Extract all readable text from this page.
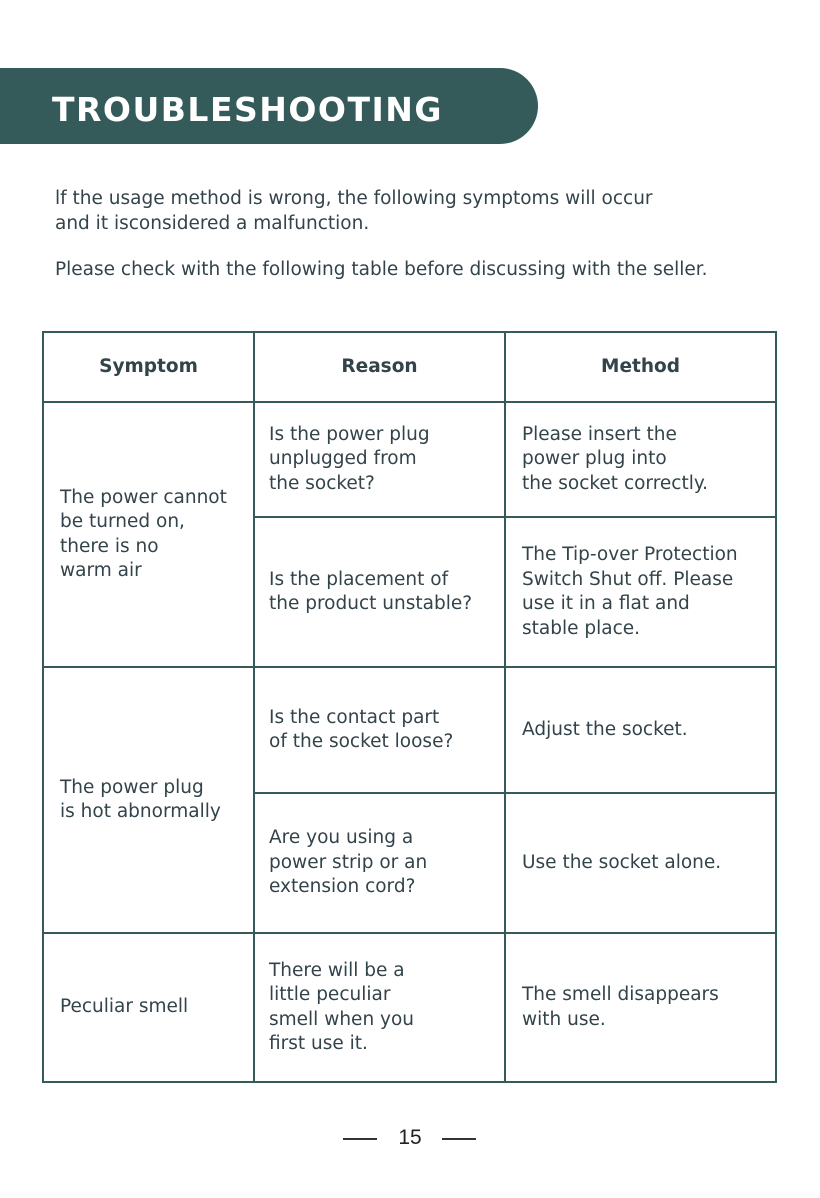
TROUBLESHOOTING

lf the usage method is wrong, the following symptoms will occur

and it isconsidered a malfunction.

Please check with the following table before discussing with the seller.

Symptom	Reason	Method
The power cannot
be turned on,
there is no
warm air
Is the power plug
unplugged from
the socket?
Please insert the
power plug into
the socket correctly.
Is the placement of
the product unstable?
The Tip-over Protection
Switch Shut off. Please
use it in a flat and
stable place.
The power plug
is hot abnormally
Is the contact part
of the socket loose?
Adjust the socket.
Are you using a
power strip or an
extension cord?
Use the socket alone.
Peculiar smell
There will be a
little peculiar
smell when you
first use it.
The smell disappears
with use.
15
